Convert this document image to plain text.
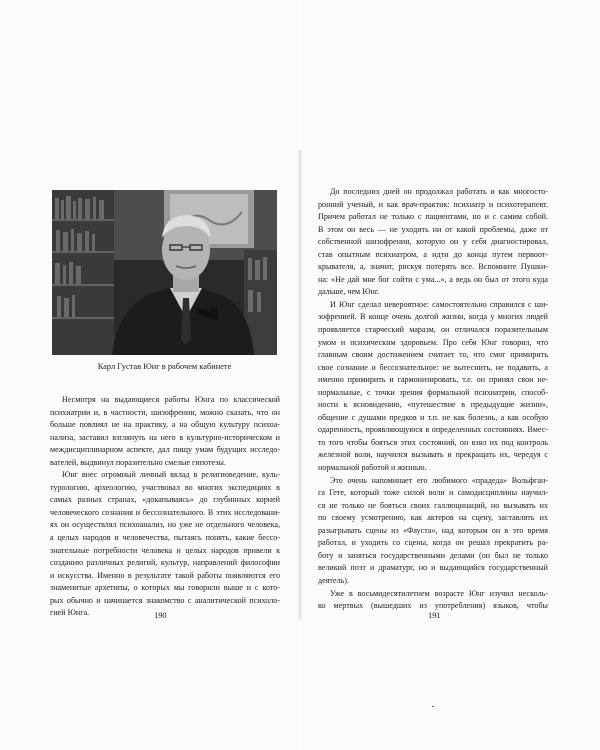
Карл Густав Юнг в рабочем кабинете
Несмотря на выдающиеся работы Юнга по классической
психиатрии и, в частности, шизофрении, можно сказать, что он
больше повлиял не на практику, а на общую культуру психоа-
нализа, заставил взглянуть на него в культурно-историческом и
междисциплинарном аспекте, дал пищу умам будущих исследо-
вателей, выдвинул поразительно смелые гипотезы.
Юнг внес огромный личный вклад в религиоведение, куль-
турологию, археологию, участвовал во многих экспедициях в
самых разных странах, «докапываясь» до глубинных корней
человеческого сознания и бессознательного. В этих исследовани-
ях он осуществлял психоанализ, но уже не отдельного человека,
а целых народов и человечества, пытаясь понять, какие бессо-
знательные потребности человека и целых народов привели к
созданию различных религий, культур, направлений философии
и искусства. Именно в результате такой работы появляются его
знаменитые архетипы, о которых мы говорили выше и с кото-
рых обычно и начинается знакомство с аналитической психоло-
гией Юнга.
До последних дней он продолжал работать и как многосто-
ронний ученый, и как врач-практик: психиатр и психотерапевт.
Причем работал не только с пациентами, но и с самим собой.
В этом он весь — не уходить ни от какой проблемы, даже от
собственной шизофрении, которую он у себя диагностировал,
став опытным психиатром, а идти до конца путем первоот-
крывателя, а, значит, рискуя потерять все. Вспомните Пушки-
на: «Не дай мне бог сойти с ума...», а ведь он был от этого куда
дальше, чем Юнг.
И Юнг сделал невероятное: самостоятельно справился с ши-
зофренией. В конце очень долгой жизни, когда у многих людей
проявляется старческий маразм, он отличался поразительным
умом и психическим здоровьем. Про себя Юнг говорил, что
главным своим достижением считает то, что смог примирить
свое сознание и бессознательное: не вытеснить, не подавить, а
именно примирить и гармонизировать, т.е. он принял свои не-
нормальные, с точки зрения формальной психиатрии, способ-
ности к ясновидению, «путешествие в предыдущие жизни»,
общение с душами предков и т.п. не как болезнь, а как особую
одаренность, проявляющуюся в определенных состояниях. Вмес-
то того чтобы бояться этих состояний, он взял их под контроль
железной воли, научился вызывать и прекращать их, чередуя с
нормальной работой и жизнью.
Это очень напоминает его любимого «прадеда» Вольфган-
га Гете, который тоже силой воли и самодисциплины научил-
ся не только не бояться своих галлюцинаций, но вызывать их
по своему усмотрению, как актеров на сцену, заставлять их
разыгрывать сцены из «Фауста», над которым он в это время
работал, и уходить со сцены, когда он решал прекратить ра-
боту и заняться государственными делами (он был не только
великий поэт и драматург, но и выдающийся государственный
деятель).
Уже в восьмидесятилетнем возрасте Юнг изучил несколь-
ко мертвых (вышедших из употребления) языков, чтобы
190	191
